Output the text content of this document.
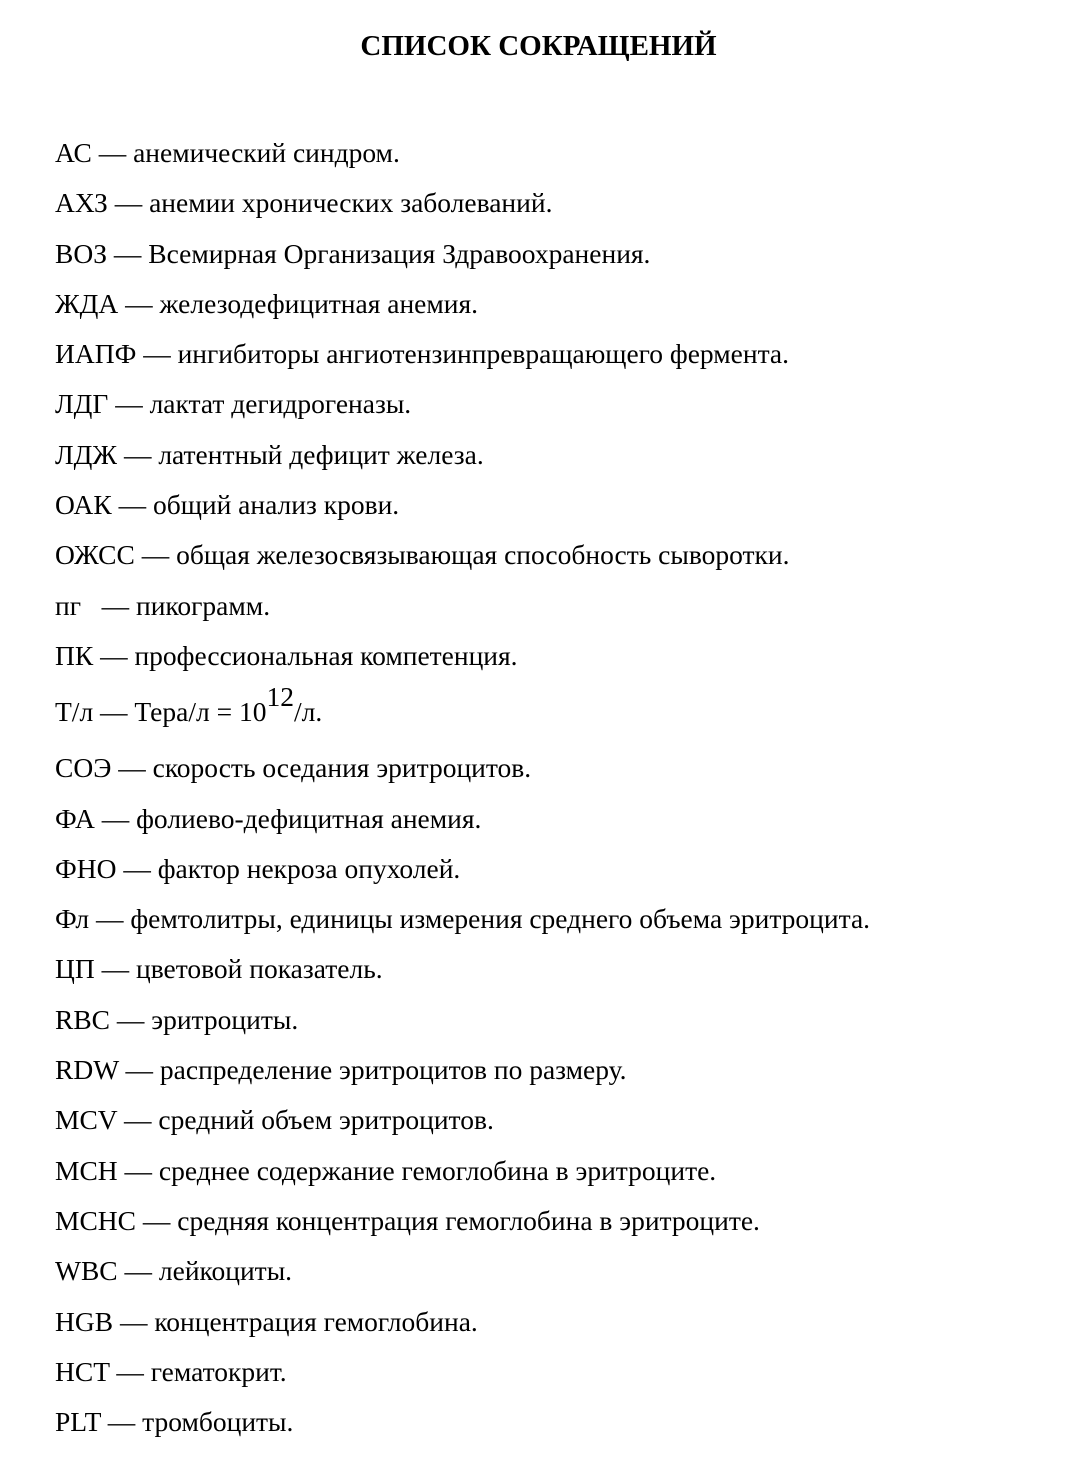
СПИСОК СОКРАЩЕНИЙ
АС — анемический синдром.
АХЗ — анемии хронических заболеваний.
ВОЗ — Всемирная Организация Здравоохранения.
ЖДА — железодефицитная анемия.
ИАПФ — ингибиторы ангиотензинпревращающего фермента.
ЛДГ — лактат дегидрогеназы.
ЛДЖ — латентный дефицит железа.
ОАК — общий анализ крови.
ОЖСС — общая железосвязывающая способность сыворотки.
пг   — пикограмм.
ПК — профессиональная компетенция.
Т/л — Тера/л = $10^{12}/л$.
СОЭ — скорость оседания эритроцитов.
ФА — фолиево-дефицитная анемия.
ФНО — фактор некроза опухолей.
Фл — фемтолитры, единицы измерения среднего объема эритроцита.
ЦП — цветовой показатель.
RBC — эритроциты.
RDW — распределение эритроцитов по размеру.
MCV — средний объем эритроцитов.
MCH — среднее содержание гемоглобина в эритроците.
MCHC — средняя концентрация гемоглобина в эритроците.
WBC — лейкоциты.
HGB — концентрация гемоглобина.
HCT — гематокрит.
PLT — тромбоциты.
